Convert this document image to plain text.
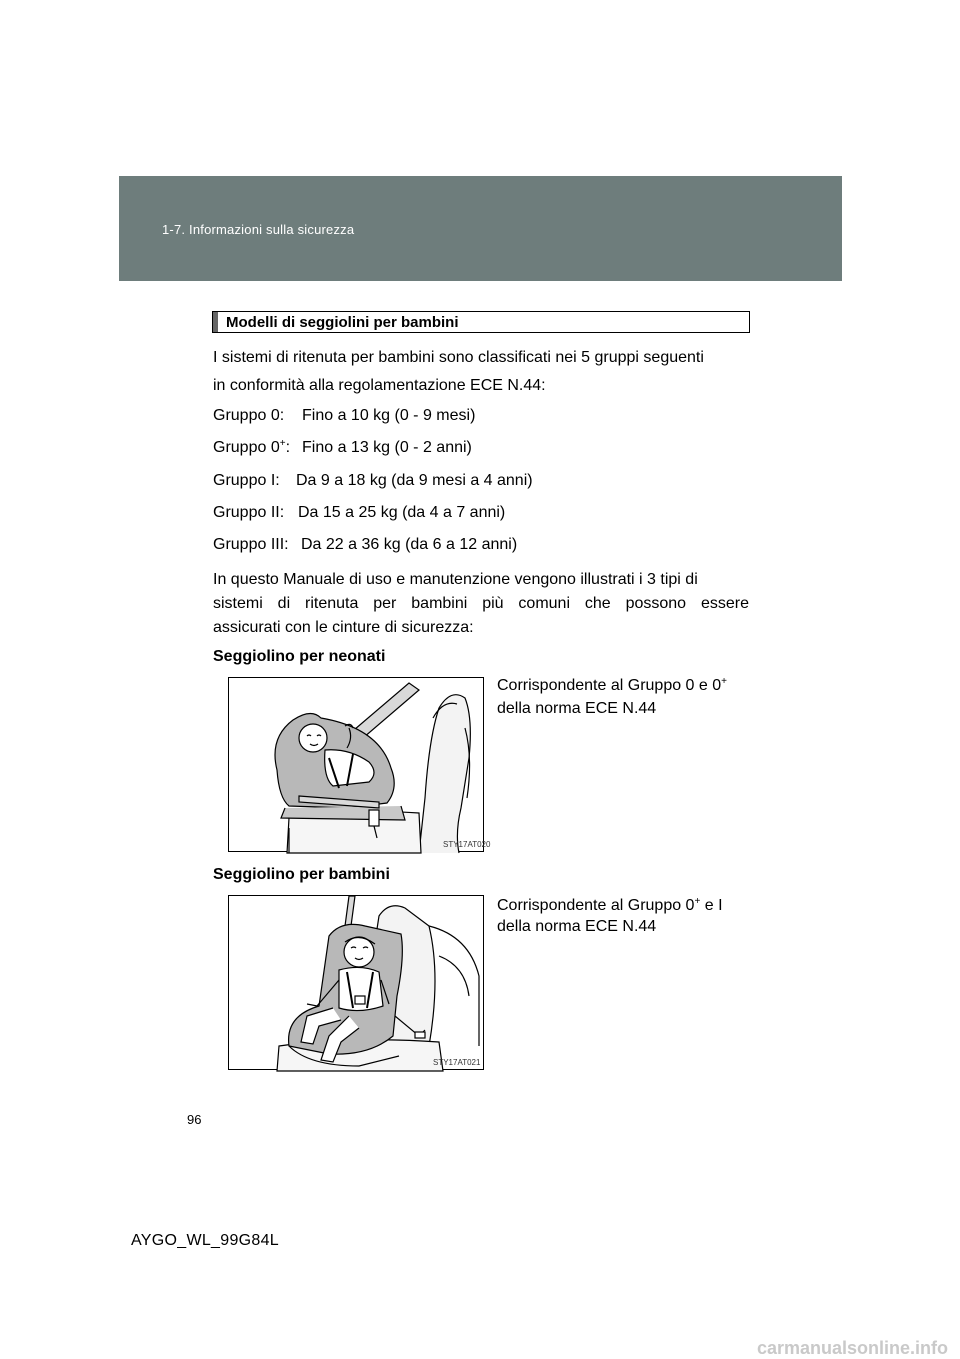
1-7. Informazioni sulla sicurezza
Modelli di seggiolini per bambini
I sistemi di ritenuta per bambini sono classificati nei 5 gruppi seguenti
in conformità alla regolamentazione ECE N.44:
Gruppo 0: Fino a 10 kg (0 - 9 mesi)
Gruppo 0+: Fino a 13 kg (0 - 2 anni)
Gruppo I: Da 9 a 18 kg (da 9 mesi a 4 anni)
Gruppo II: Da 15 a 25 kg (da 4 a 7 anni)
Gruppo III: Da 22 a 36 kg (da 6 a 12 anni)
In questo Manuale di uso e manutenzione vengono illustrati i 3 tipi di
sistemi di ritenuta per bambini più comuni che possono essere
assicurati con le cinture di sicurezza:
Seggiolino per neonati
STY17AT020
Corrispondente al Gruppo 0 e 0+
della norma ECE N.44
Seggiolino per bambini
STY17AT021
Corrispondente al Gruppo 0+ e I
della norma ECE N.44
96
AYGO_WL_99G84L
carmanualsonline.info
